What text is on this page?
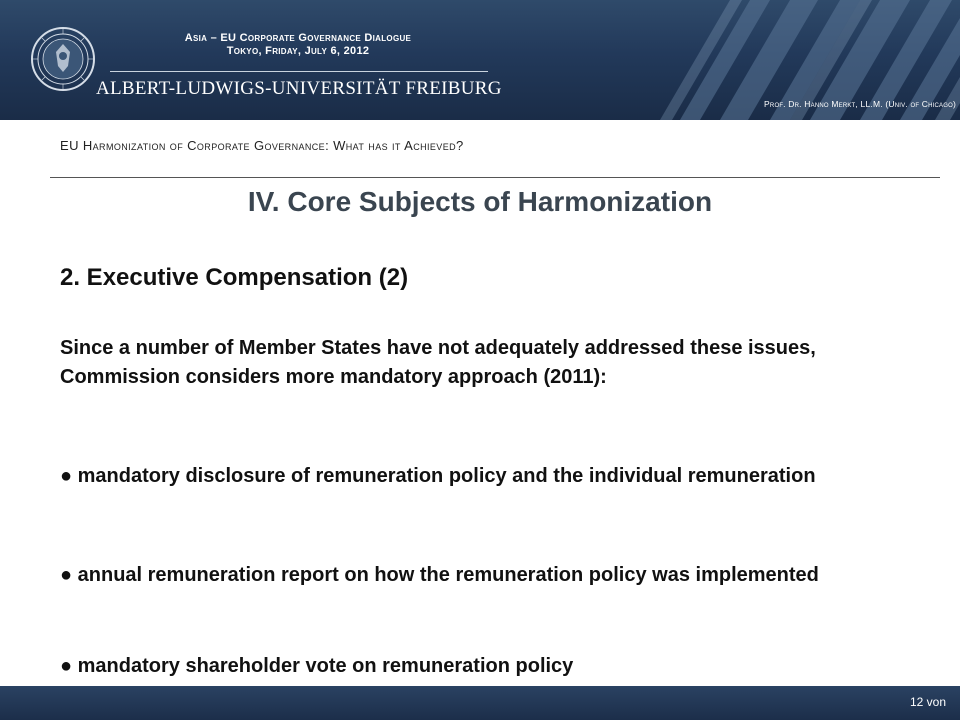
Asia – EU Corporate Governance Dialogue
Tokyo, Friday, July 6, 2012
ALBERT-LUDWIGS-UNIVERSITÄT FREIBURG
Prof. Dr. Hanno Merkt, LL.M. (Univ. of Chicago)
EU Harmonization of Corporate Governance: What has it Achieved?
IV. Core Subjects of Harmonization
2. Executive Compensation (2)
Since a number of Member States have not adequately addressed these issues, Commission considers more mandatory approach (2011):
● mandatory disclosure of remuneration policy and the individual remuneration
● annual remuneration report on how the remuneration policy was implemented
● mandatory shareholder vote on remuneration policy
12 von
